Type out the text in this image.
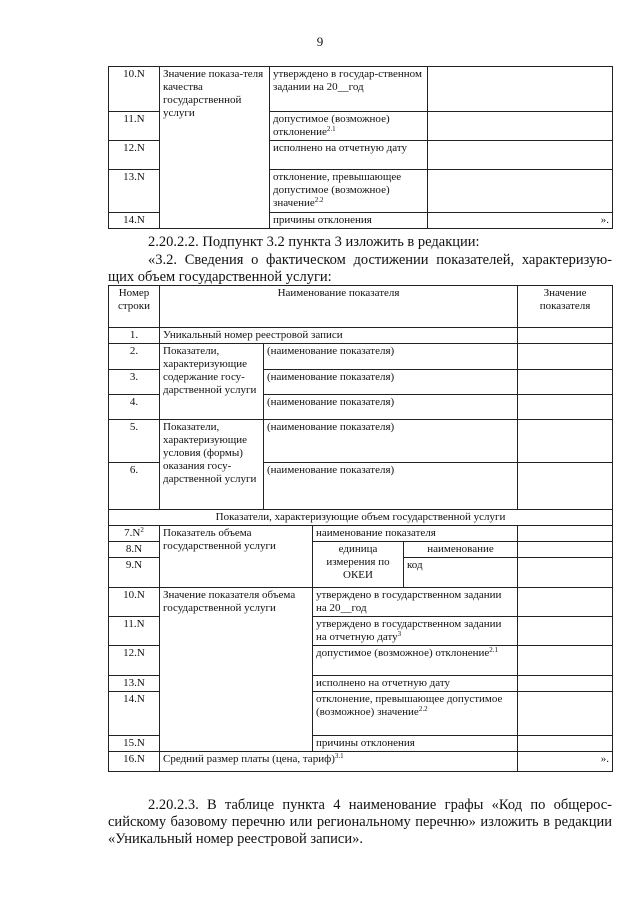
9
10.N	Значение показа-теля качества государственной услуги	утверждено в государ-ственном задании на 20__год	
11.N		допустимое (возможное) отклонение$^{2.1}$	
12.N		исполнено на отчетную дату	
13.N		отклонение, превышающее допустимое (возможное) значение$^{2.2}$	
14.N		причины отклонения	».
2.20.2.2. Подпункт 3.2 пункта 3 изложить в редакции:
«3.2. Сведения о фактическом достижении показателей, характеризую-щих объем государственной услуги:
Номер строки	Наименование показателя				Значение показателя
1.	Уникальный номер реестровой записи				
2.	Показатели, характеризующие содержание госу-дарственной услуги	(наименование показателя)			
3.		(наименование показателя)			
4.		(наименование показателя)			
5.	Показатели, характеризующие условия (формы) оказания госу-дарственной услуги	(наименование показателя)			
6.		(наименование показателя)			
Показатели, характеризующие объем государственной услуги					
$7.N^2$	Показатель объема государственной услуги		наименование показателя		
8.N			единица измерения по ОКЕИ	наименование	
9.N				код	
10.N	Значение показателя объема государственной услуги		утверждено в государственном задании на 20__год		
11.N			утверждено в государственном задании на отчетную дату$^3$	
12.N			допустимое (возможное) отклонение$^{2.1}$	
13.N			исполнено на отчетную дату		
14.N			отклонение, превышающее допустимое (возможное) значение$^{2.2}$	
15.N			причины отклонения		
16.N	Средний размер платы (цена, тариф)$^{3.1}$				».
2.20.2.3. В таблице пункта 4 наименование графы «Код по общерос-сийскому базовому перечню или региональному перечню» изложить в редакции «Уникальный номер реестровой записи».
